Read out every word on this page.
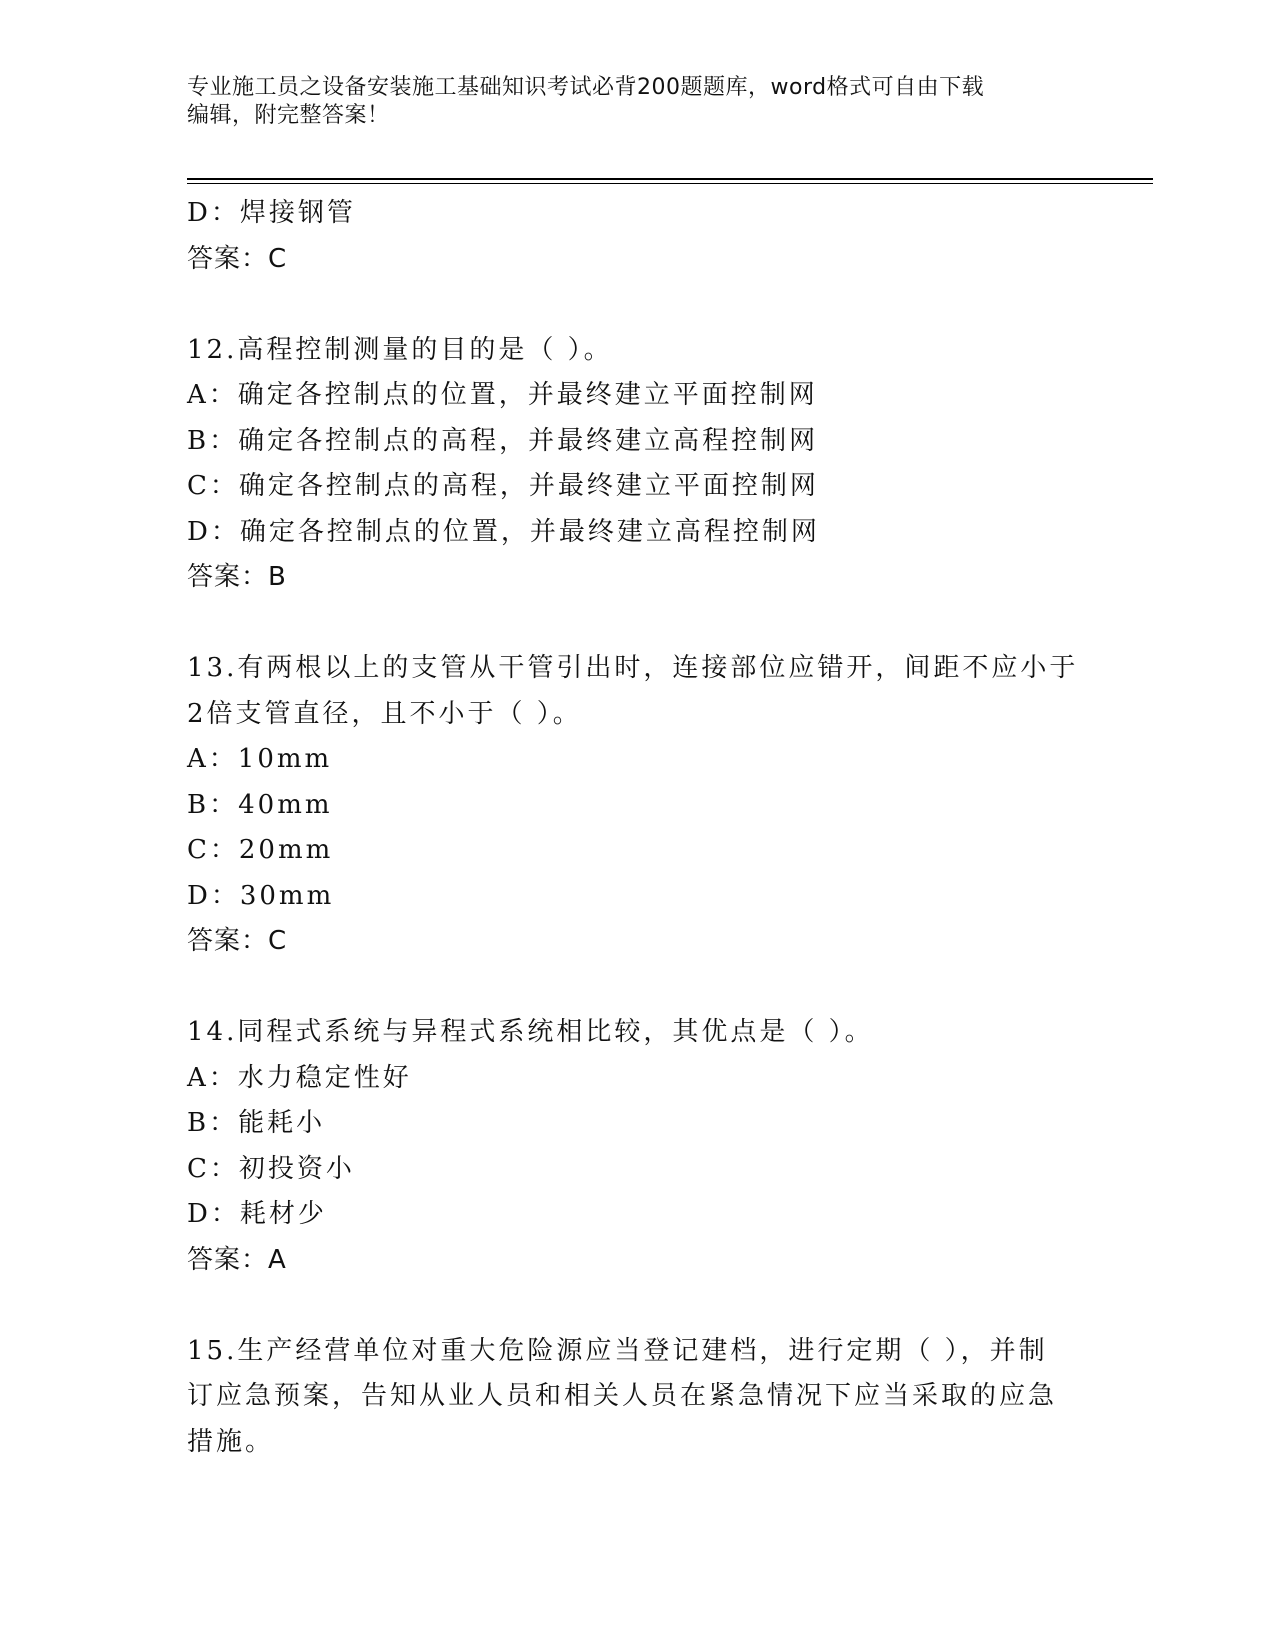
专业施工员之设备安装施工基础知识考试必背200题题库，word格式可自由下载
编辑，附完整答案！
D：焊接钢管
答案：C
12.高程控制测量的目的是（ ）。
A：确定各控制点的位置，并最终建立平面控制网
B：确定各控制点的高程，并最终建立高程控制网
C：确定各控制点的高程，并最终建立平面控制网
D：确定各控制点的位置，并最终建立高程控制网
答案：B
13.有两根以上的支管从干管引出时，连接部位应错开，间距不应小于
2倍支管直径，且不小于（ ）。
A：10mm
B：40mm
C：20mm
D：30mm
答案：C
14.同程式系统与异程式系统相比较，其优点是（ ）。
A：水力稳定性好
B：能耗小
C：初投资小
D：耗材少
答案：A
15.生产经营单位对重大危险源应当登记建档，进行定期（ ），并制
订应急预案，告知从业人员和相关人员在紧急情况下应当采取的应急
措施。
